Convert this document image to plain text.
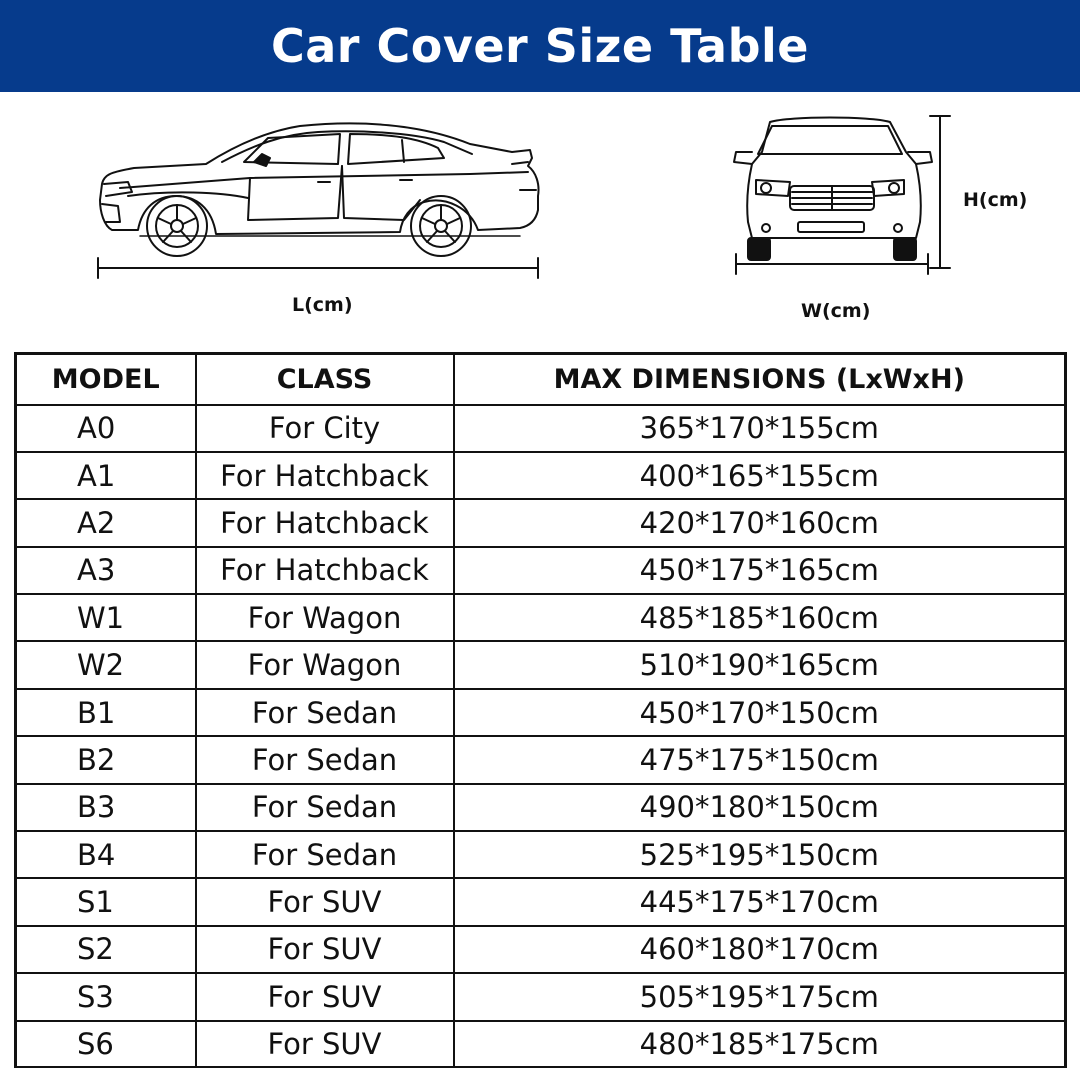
Car Cover Size Table
L(cm)	W(cm)
H(cm)
MODEL	CLASS	MAX DIMENSIONS (LxWxH)
A0	For City	365*170*155cm
A1	For Hatchback	400*165*155cm
A2	For Hatchback	420*170*160cm
A3	For Hatchback	450*175*165cm
W1	For Wagon	485*185*160cm
W2	For Wagon	510*190*165cm
B1	For Sedan	450*170*150cm
B2	For Sedan	475*175*150cm
B3	For Sedan	490*180*150cm
B4	For Sedan	525*195*150cm
S1	For SUV	445*175*170cm
S2	For SUV	460*180*170cm
S3	For SUV	505*195*175cm
S6	For SUV	480*185*175cm
